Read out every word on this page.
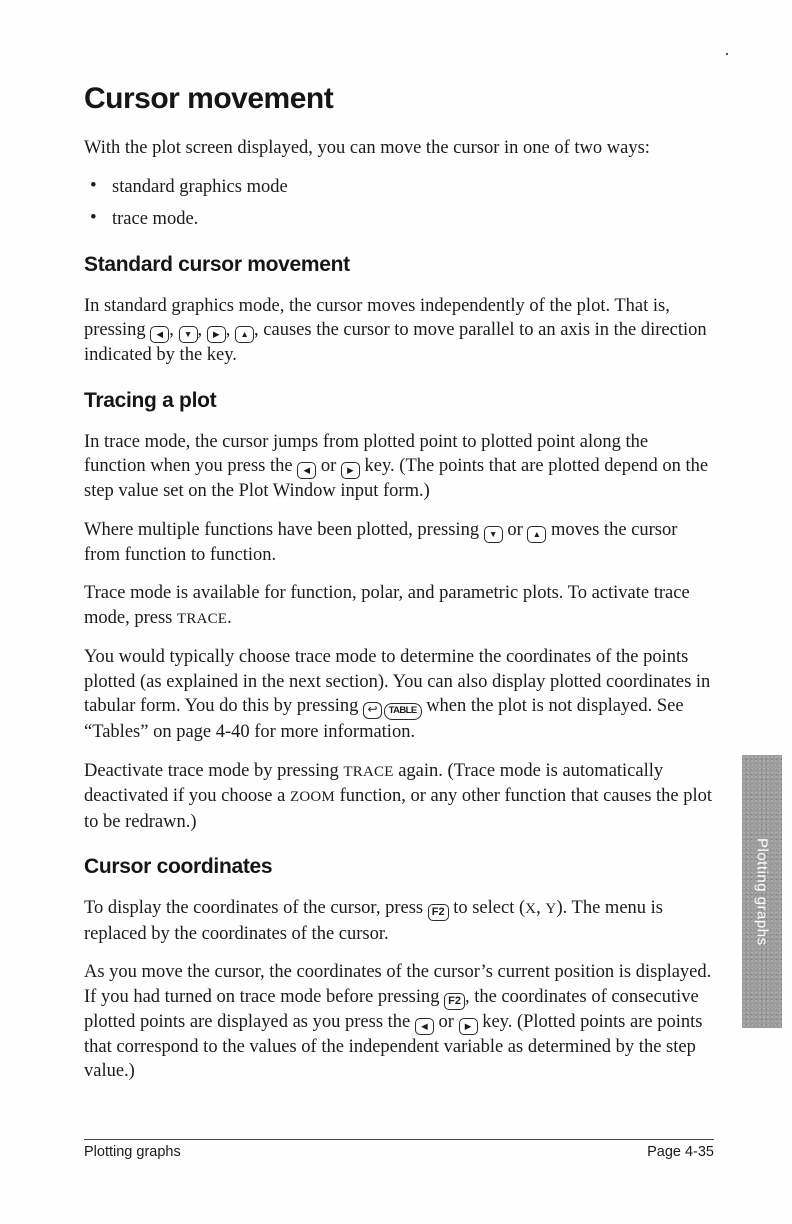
Cursor movement

With the plot screen displayed, you can move the cursor in one of two ways:

• standard graphics mode
• trace mode.
Standard cursor movement

In standard graphics mode, the cursor moves independently of the plot. That is, pressing ◀ , ▼ , ▶ , ▲ , causes the cursor to move parallel to an axis in the direction indicated by the key.

Tracing a plot

In trace mode, the cursor jumps from plotted point to plotted point along the function when you press the ◀ or ▶ key. (The points that are plotted depend on the step value set on the Plot Window input form.)

Where multiple functions have been plotted, pressing ▼ or ▲ moves the cursor from function to function.

Trace mode is available for function, polar, and parametric plots. To activate trace mode, press TRACE.

You would typically choose trace mode to determine the coordinates of the points plotted (as explained in the next section). You can also display plotted coordinates in tabular form. You do this by pressing ↩  TABLE when the plot is not displayed. See “Tables” on page 4-40 for more information.

Deactivate trace mode by pressing TRACE again. (Trace mode is automatically deactivated if you choose a ZOOM function, or any other function that causes the plot to be redrawn.)

Cursor coordinates

To display the coordinates of the cursor, press F2 to select (X, Y). The menu is replaced by the coordinates of the cursor.

As you move the cursor, the coordinates of the cursor’s current position is displayed. If you had turned on trace mode before pressing F2 , the coordinates of consecutive plotted points are displayed as you press the ◀ or ▶ key. (Plotted points are points that correspond to the values of the independent variable as determined by the step value.)

Plotting graphs
Plotting graphs	Page 4-35
